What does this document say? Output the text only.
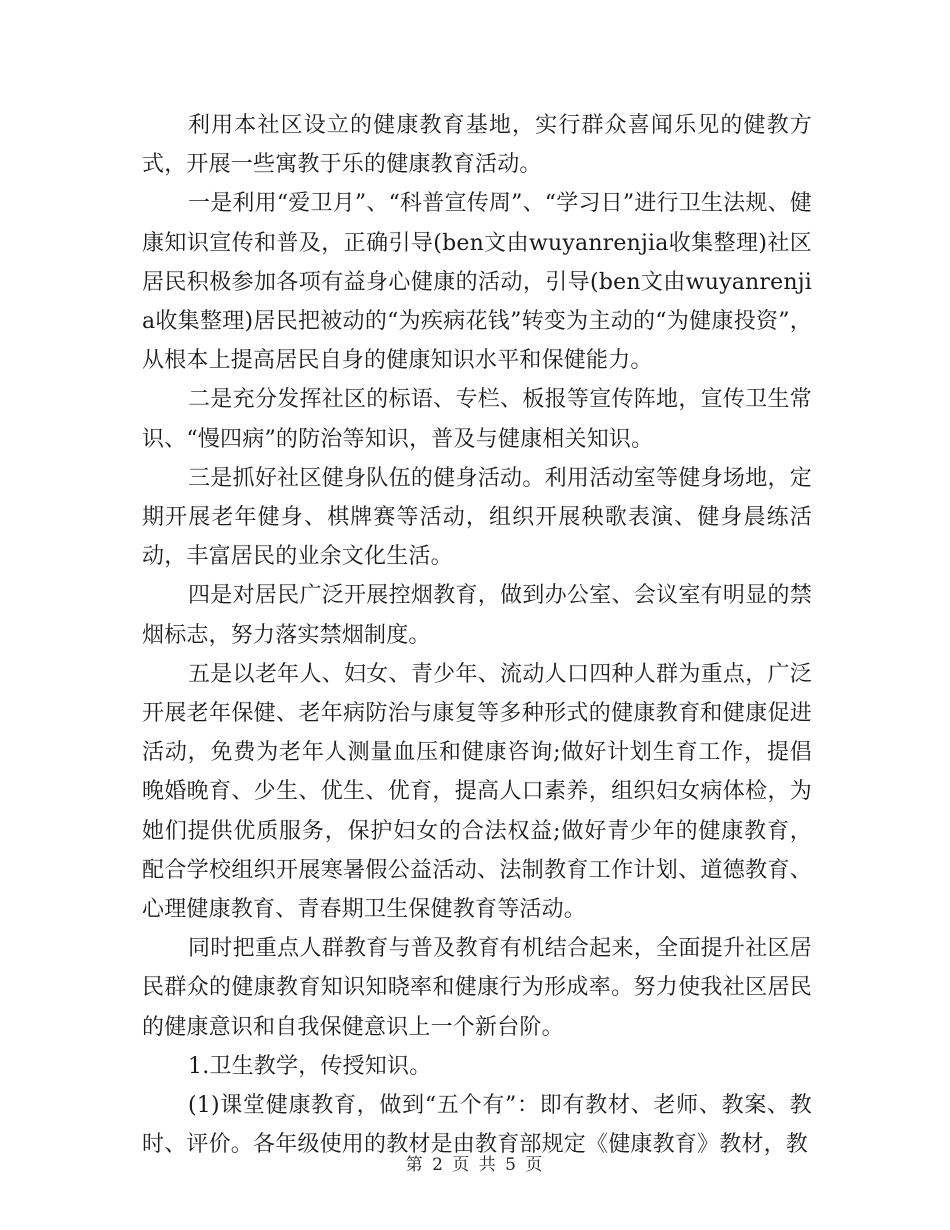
利用本社区设立的健康教育基地，实行群众喜闻乐见的健教方式，开展一些寓教于乐的健康教育活动。

一是利用“爱卫月”、“科普宣传周”、“学习日”进行卫生法规、健康知识宣传和普及，正确引导(ben文由wuyanrenjia收集整理)社区居民积极参加各项有益身心健康的活动，引导(ben文由wuyanrenjia收集整理)居民把被动的“为疾病花钱”转变为主动的“为健康投资”，从根本上提高居民自身的健康知识水平和保健能力。

二是充分发挥社区的标语、专栏、板报等宣传阵地，宣传卫生常识、“慢四病”的防治等知识，普及与健康相关知识。

三是抓好社区健身队伍的健身活动。利用活动室等健身场地，定期开展老年健身、棋牌赛等活动，组织开展秧歌表演、健身晨练活动，丰富居民的业余文化生活。

四是对居民广泛开展控烟教育，做到办公室、会议室有明显的禁烟标志，努力落实禁烟制度。

五是以老年人、妇女、青少年、流动人口四种人群为重点，广泛开展老年保健、老年病防治与康复等多种形式的健康教育和健康促进活动，免费为老年人测量血压和健康咨询;做好计划生育工作，提倡晚婚晚育、少生、优生、优育，提高人口素养，组织妇女病体检，为她们提供优质服务，保护妇女的合法权益;做好青少年的健康教育，配合学校组织开展寒暑假公益活动、法制教育工作计划、道德教育、心理健康教育、青春期卫生保健教育等活动。

同时把重点人群教育与普及教育有机结合起来，全面提升社区居民群众的健康教育知识知晓率和健康行为形成率。努力使我社区居民的健康意识和自我保健意识上一个新台阶。

1.卫生教学，传授知识。

(1)课堂健康教育，做到“五个有”：即有教材、老师、教案、教时、评价。各年级使用的教材是由教育部规定《健康教育》教材，教

第 2 页 共 5 页
